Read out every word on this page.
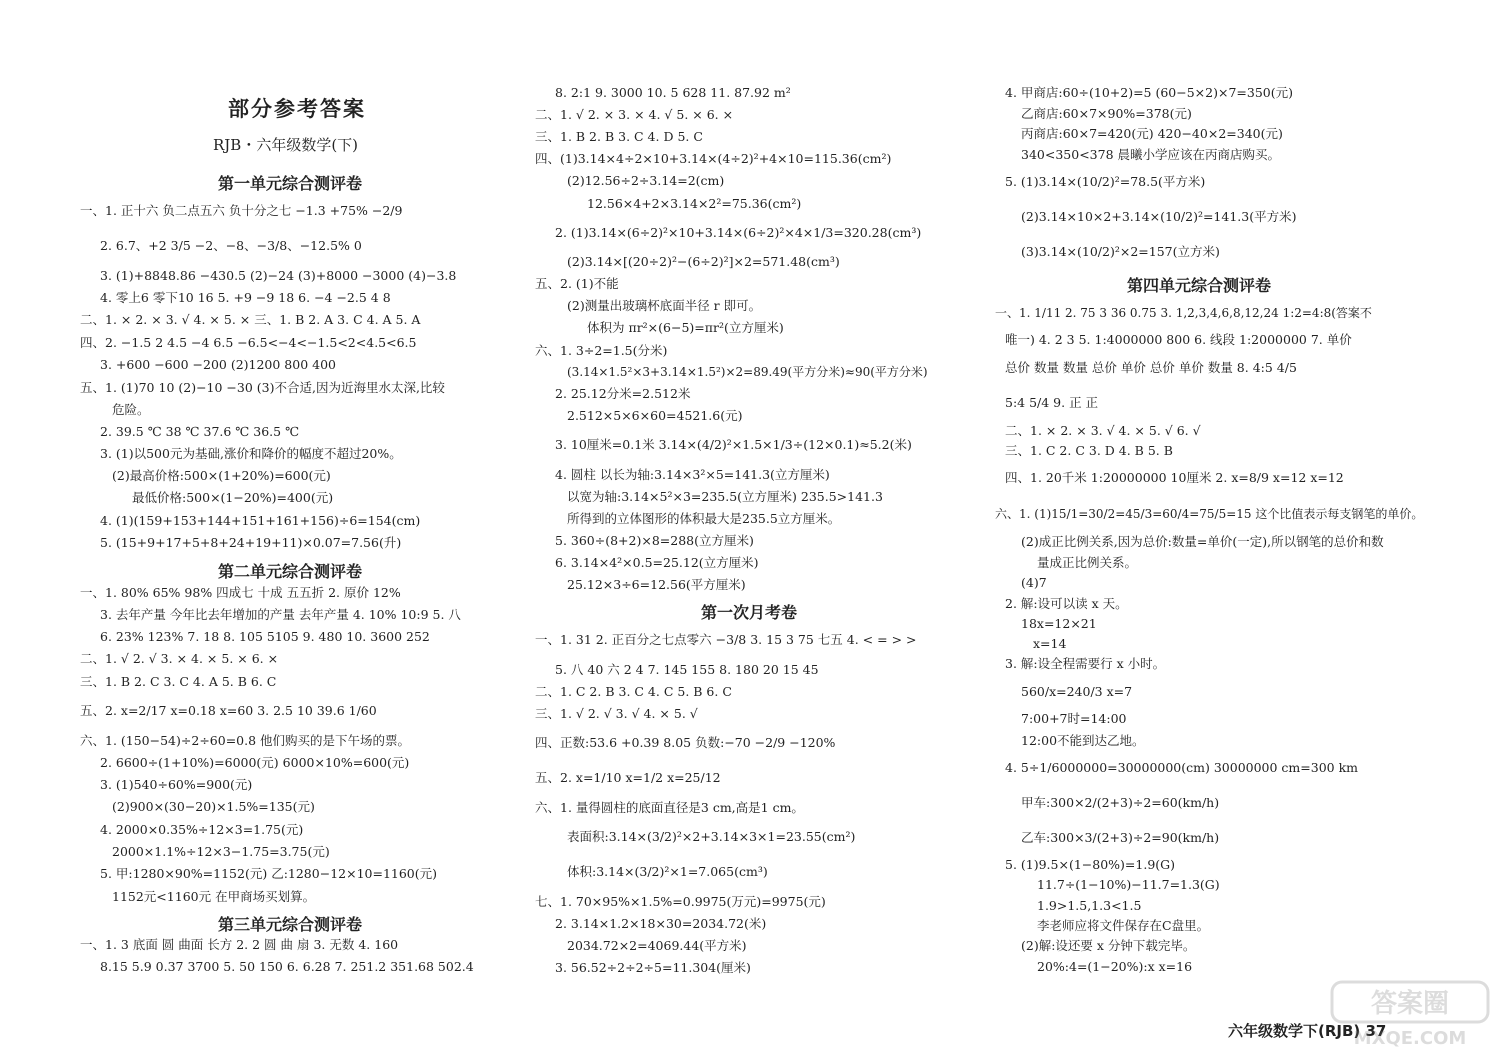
部分参考答案
RJB・六年级数学(下)
第一单元综合测评卷
一、1. 正十六 负二点五六 负十分之七 −1.3 +75% −2/9
2. 6.7、+2 3/5 −2、−8、−3/8、−12.5% 0
3. (1)+8848.86 −430.5 (2)−24 (3)+8000 −3000 (4)−3.8
4. 零上6 零下10 16 5. +9 −9 18 6. −4 −2.5 4 8
二、1. × 2. × 3. √ 4. × 5. × 三、1. B 2. A 3. C 4. A 5. A
四、2. −1.5 2 4.5 −4 6.5 −6.5<−4<−1.5<2<4.5<6.5
3. +600 −600 −200 (2)1200 800 400
五、1. (1)70 10 (2)−10 −30 (3)不合适,因为近海里水太深,比较
危险。
2. 39.5 ℃ 38 ℃ 37.6 ℃ 36.5 ℃
3. (1)以500元为基础,涨价和降价的幅度不超过20%。
(2)最高价格:500×(1+20%)=600(元)
最低价格:500×(1−20%)=400(元)
4. (1)(159+153+144+151+161+156)÷6=154(cm)
5. (15+9+17+5+8+24+19+11)×0.07=7.56(升)
第二单元综合测评卷
一、1. 80% 65% 98% 四成七 十成 五五折 2. 原价 12%
3. 去年产量 今年比去年增加的产量 去年产量 4. 10% 10:9 5. 八
6. 23% 123% 7. 18 8. 105 5105 9. 480 10. 3600 252
二、1. √ 2. √ 3. × 4. × 5. × 6. ×
三、1. B 2. C 3. C 4. A 5. B 6. C
五、2. x=2/17 x=0.18 x=60 3. 2.5 10 39.6 1/60
六、1. (150−54)÷2÷60=0.8 他们购买的是下午场的票。
2. 6600÷(1+10%)=6000(元) 6000×10%=600(元)
3. (1)540÷60%=900(元)
(2)900×(30−20)×1.5%=135(元)
4. 2000×0.35%÷12×3=1.75(元)
2000×1.1%÷12×3−1.75=3.75(元)
5. 甲:1280×90%=1152(元) 乙:1280−12×10=1160(元)
1152元<1160元 在甲商场买划算。
第三单元综合测评卷
一、1. 3 底面 圆 曲面 长方 2. 2 圆 曲 扇 3. 无数 4. 160
8.15 5.9 0.37 3700 5. 50 150 6. 6.28 7. 251.2 351.68 502.4
8. 2:1 9. 3000 10. 5 628 11. 87.92 m²
二、1. √ 2. × 3. × 4. √ 5. × 6. ×
三、1. B 2. B 3. C 4. D 5. C
四、(1)3.14×4÷2×10+3.14×(4÷2)²+4×10=115.36(cm²)
(2)12.56÷2÷3.14=2(cm)
12.56×4+2×3.14×2²=75.36(cm²)
2. (1)3.14×(6÷2)²×10+3.14×(6÷2)²×4×1/3=320.28(cm³)
(2)3.14×[(20÷2)²−(6÷2)²]×2=571.48(cm³)
五、2. (1)不能
(2)测量出玻璃杯底面半径 r 即可。
体积为 πr²×(6−5)=πr²(立方厘米)
六、1. 3÷2=1.5(分米)
(3.14×1.5²×3+3.14×1.5²)×2=89.49(平方分米)≈90(平方分米)
2. 25.12分米=2.512米
2.512×5×6×60=4521.6(元)
3. 10厘米=0.1米 3.14×(4/2)²×1.5×1/3÷(12×0.1)≈5.2(米)
4. 圆柱 以长为轴:3.14×3²×5=141.3(立方厘米)
以宽为轴:3.14×5²×3=235.5(立方厘米) 235.5>141.3
所得到的立体图形的体积最大是235.5立方厘米。
5. 360÷(8+2)×8=288(立方厘米)
6. 3.14×4²×0.5=25.12(立方厘米)
25.12×3÷6=12.56(平方厘米)
第一次月考卷
一、1. 31 2. 正百分之七点零六 −3/8 3. 15 3 75 七五 4. < = > >
5. 八 40 六 2 4 7. 145 155 8. 180 20 15 45
二、1. C 2. B 3. C 4. C 5. B 6. C
三、1. √ 2. √ 3. √ 4. × 5. √
四、正数:53.6 +0.39 8.05 负数:−70 −2/9 −120%
五、2. x=1/10 x=1/2 x=25/12
六、1. 量得圆柱的底面直径是3 cm,高是1 cm。
表面积:3.14×(3/2)²×2+3.14×3×1=23.55(cm²)
体积:3.14×(3/2)²×1=7.065(cm³)
七、1. 70×95%×1.5%=0.9975(万元)=9975(元)
2. 3.14×1.2×18×30=2034.72(米)
2034.72×2=4069.44(平方米)
3. 56.52÷2÷2÷5=11.304(厘米)
4. 甲商店:60÷(10+2)=5 (60−5×2)×7=350(元)
乙商店:60×7×90%=378(元)
丙商店:60×7=420(元) 420−40×2=340(元)
340<350<378 晨曦小学应该在丙商店购买。
5. (1)3.14×(10/2)²=78.5(平方米)
(2)3.14×10×2+3.14×(10/2)²=141.3(平方米)
(3)3.14×(10/2)²×2=157(立方米)
第四单元综合测评卷
一、1. 1/11 2. 75 3 36 0.75 3. 1,2,3,4,6,8,12,24 1:2=4:8(答案不
唯一) 4. 2 3 5. 1:4000000 800 6. 线段 1:2000000 7. 单价
总价 数量 数量 总价 单价 总价 单价 数量 8. 4:5 4/5
5:4 5/4 9. 正 正
二、1. × 2. × 3. √ 4. × 5. √ 6. √
三、1. C 2. C 3. D 4. B 5. B
四、1. 20千米 1:20000000 10厘米 2. x=8/9 x=12 x=12
六、1. (1)15/1=30/2=45/3=60/4=75/5=15 这个比值表示每支钢笔的单价。
(2)成正比例关系,因为总价:数量=单价(一定),所以钢笔的总价和数
量成正比例关系。
(4)7
2. 解:设可以读 x 天。
18x=12×21
x=14
3. 解:设全程需要行 x 小时。
560/x=240/3 x=7
7:00+7时=14:00
12:00不能到达乙地。
4. 5÷1/6000000=30000000(cm) 30000000 cm=300 km
甲车:300×2/(2+3)÷2=60(km/h)
乙车:300×3/(2+3)÷2=90(km/h)
5. (1)9.5×(1−80%)=1.9(G)
11.7÷(1−10%)−11.7=1.3(G)
1.9>1.5,1.3<1.5
李老师应将文件保存在C盘里。
(2)解:设还要 x 分钟下载完毕。
20%:4=(1−20%):x x=16
六年级数学下(RJB) 37
答案圈
MXQE.COM
